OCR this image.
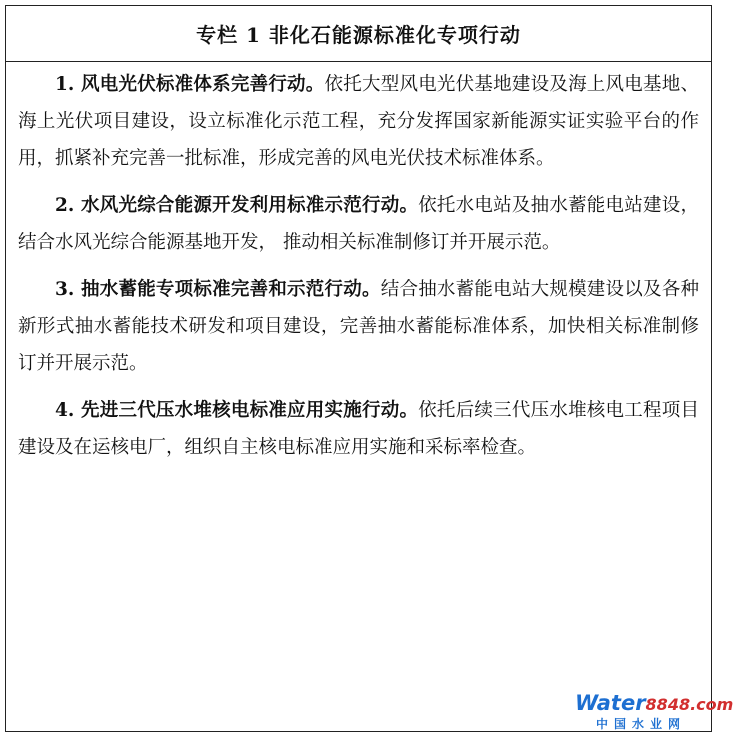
专栏 1 非化石能源标准化专项行动

1. 风电光伏标准体系完善行动。依托大型风电光伏基地建设及海上风电基地、海上光伏项目建设，设立标准化示范工程，充分发挥国家新能源实证实验平台的作用，抓紧补充完善一批标准，形成完善的风电光伏技术标准体系。

2. 水风光综合能源开发利用标准示范行动。依托水电站及抽水蓄能电站建设，结合水风光综合能源基地开发， 推动相关标准制修订并开展示范。

3. 抽水蓄能专项标准完善和示范行动。结合抽水蓄能电站大规模建设以及各种新形式抽水蓄能技术研发和项目建设，完善抽水蓄能标准体系，加快相关标准制修订并开展示范。

4. 先进三代压水堆核电标准应用实施行动。依托后续三代压水堆核电工程项目建设及在运核电厂，组织自主核电标准应用实施和采标率检查。

Water8848.com
中国水业网
